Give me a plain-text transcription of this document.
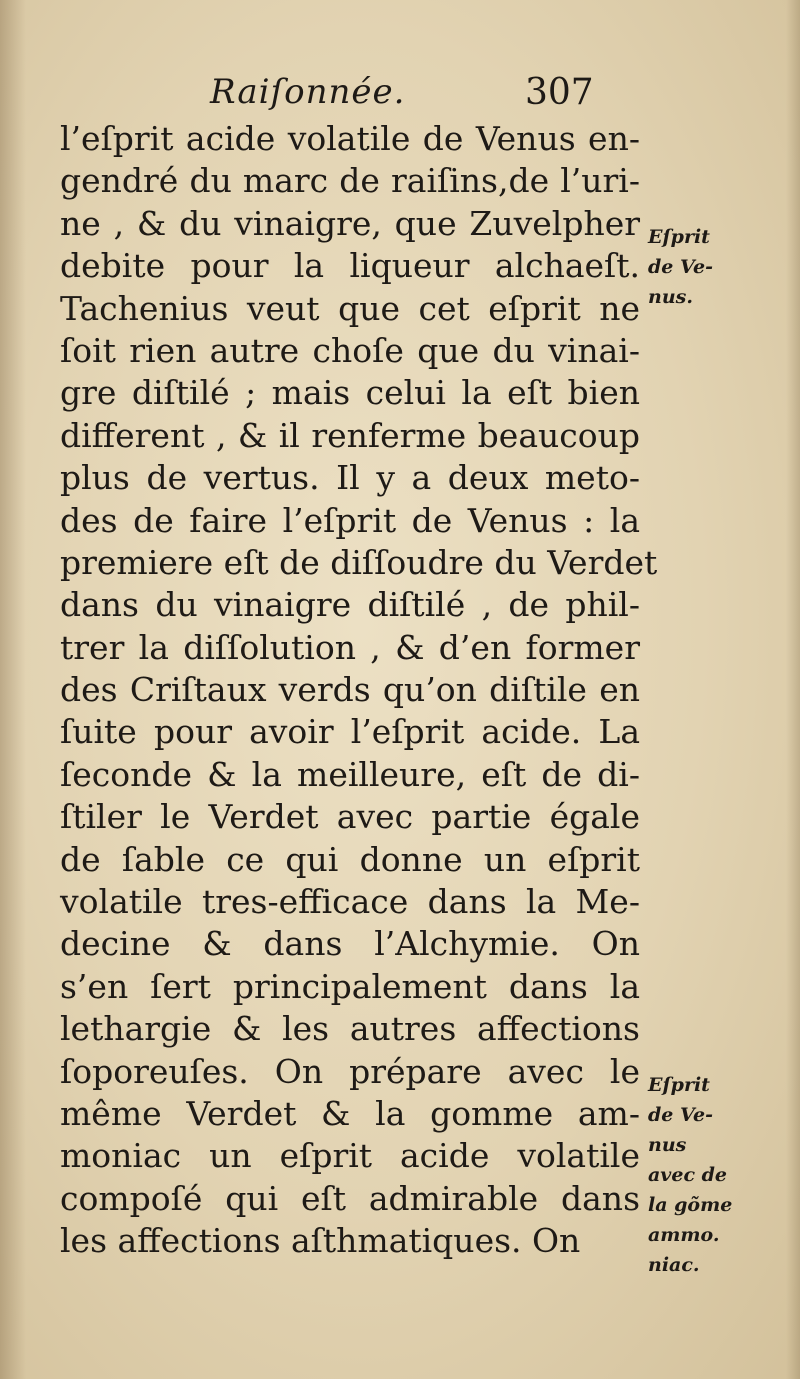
Raiſonnée.	307
l’eſprit acide volatile de Venus en-
gendré du marc de raiſins,de l’uri-
ne , & du vinaigre, que Zuvelpher
debite pour la liqueur alchaeſt.
Tachenius veut que cet eſprit ne
ſoit rien autre choſe que du vinai-
gre diſtilé ; mais celui la eſt bien
different , & il renferme beaucoup
plus de vertus. Il y a deux meto-
des de faire l’eſprit de Venus : la
premiere eſt de diſſoudre du Verdet
dans du vinaigre diſtilé , de phil-
trer la diſſolution , & d’en former
des Criſtaux verds qu’on diſtile en
ſuite pour avoir l’eſprit acide. La
ſeconde & la meilleure, eſt de di-
ſtiler le Verdet avec partie égale
de ſable ce qui donne un eſprit
volatile tres-efficace dans la Me-
decine & dans l’Alchymie. On
s’en ſert principalement dans la
lethargie & les autres affections
ſoporeuſes. On prépare avec le
même Verdet & la gomme am-
moniac un eſprit acide volatile
compoſé qui eſt admirable dans
les affections aſthmatiques. On
Eſprit
de Ve-
nus.
Eſprit
de Ve-
nus
avec de
la gõme
ammo.
niac.
